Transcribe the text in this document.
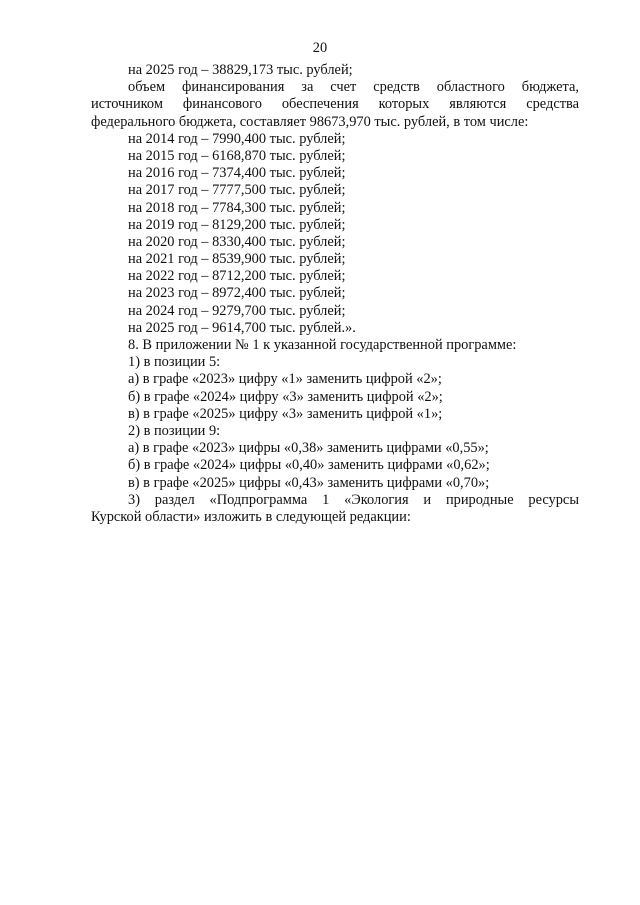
20
на 2025 год – 38829,173 тыс. рублей;
объем финансирования за счет средств областного бюджета,
источником финансового обеспечения которых являются средства
федерального бюджета, составляет 98673,970 тыс. рублей, в том числе:
на 2014 год – 7990,400 тыс. рублей;
на 2015 год – 6168,870 тыс. рублей;
на 2016 год – 7374,400 тыс. рублей;
на 2017 год – 7777,500 тыс. рублей;
на 2018 год – 7784,300 тыс. рублей;
на 2019 год – 8129,200 тыс. рублей;
на 2020 год – 8330,400 тыс. рублей;
на 2021 год – 8539,900 тыс. рублей;
на 2022 год – 8712,200 тыс. рублей;
на 2023 год – 8972,400 тыс. рублей;
на 2024 год – 9279,700 тыс. рублей;
на 2025 год – 9614,700 тыс. рублей.».
8. В приложении № 1 к указанной государственной программе:
1) в позиции 5:
а) в графе «2023» цифру «1» заменить цифрой «2»;
б) в графе «2024» цифру «3» заменить цифрой «2»;
в) в графе «2025» цифру «3» заменить цифрой «1»;
2) в позиции 9:
а) в графе «2023» цифры «0,38» заменить цифрами «0,55»;
б) в графе «2024» цифры «0,40» заменить цифрами «0,62»;
в) в графе «2025» цифры «0,43» заменить цифрами «0,70»;
3) раздел «Подпрограмма 1 «Экология и природные ресурсы
Курской области» изложить в следующей редакции:
